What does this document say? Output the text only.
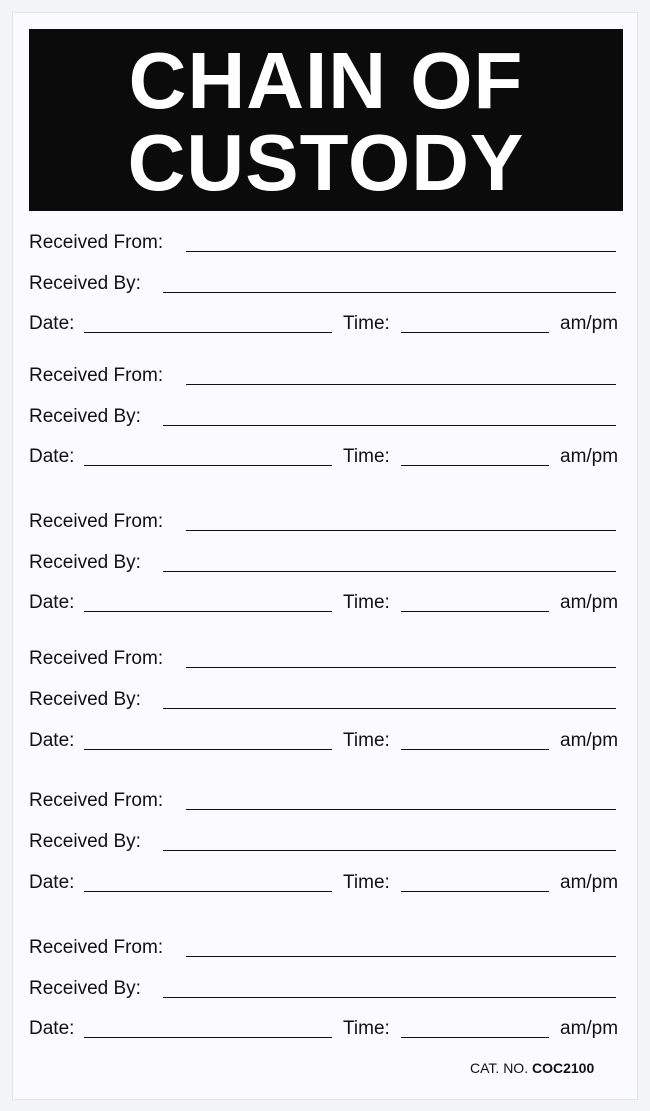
CHAIN OF
CUSTODY
Received From:
Received By:
Date:	Time:	am/pm
Received From:
Received By:
Date:	Time:	am/pm
Received From:
Received By:
Date:	Time:	am/pm
Received From:
Received By:
Date:	Time:	am/pm
Received From:
Received By:
Date:	Time:	am/pm
Received From:
Received By:
Date:	Time:	am/pm
CAT. NO. COC2100
